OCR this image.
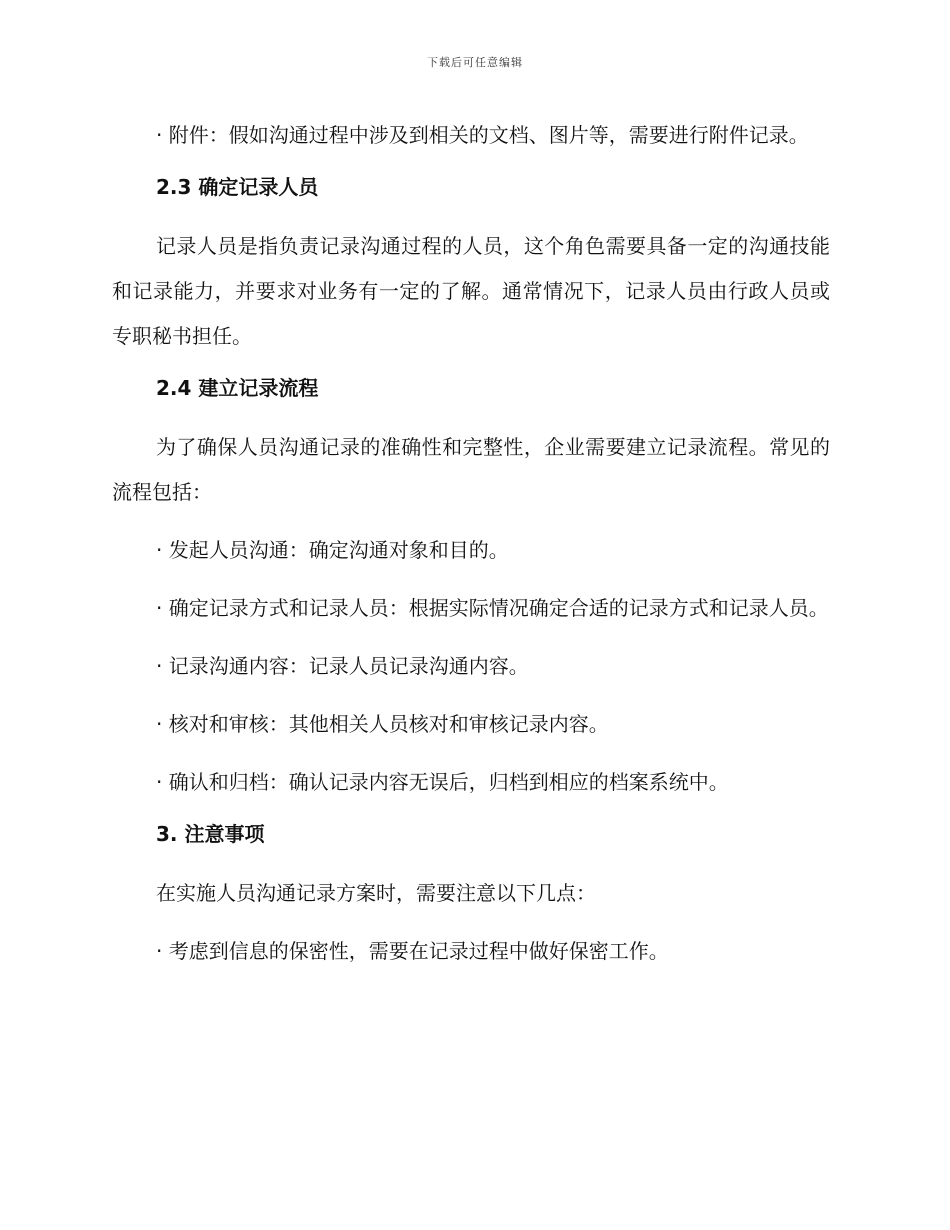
下载后可任意编辑
· 附件：假如沟通过程中涉及到相关的文档、图片等，需要进行附件记录。
2.3 确定记录人员
记录人员是指负责记录沟通过程的人员，这个角色需要具备一定的沟通技能和记录能力，并要求对业务有一定的了解。通常情况下，记录人员由行政人员或专职秘书担任。
2.4 建立记录流程
为了确保人员沟通记录的准确性和完整性，企业需要建立记录流程。常见的流程包括：
· 发起人员沟通：确定沟通对象和目的。
· 确定记录方式和记录人员：根据实际情况确定合适的记录方式和记录人员。
· 记录沟通内容：记录人员记录沟通内容。
· 核对和审核：其他相关人员核对和审核记录内容。
· 确认和归档：确认记录内容无误后，归档到相应的档案系统中。
3. 注意事项
在实施人员沟通记录方案时，需要注意以下几点：
· 考虑到信息的保密性，需要在记录过程中做好保密工作。
